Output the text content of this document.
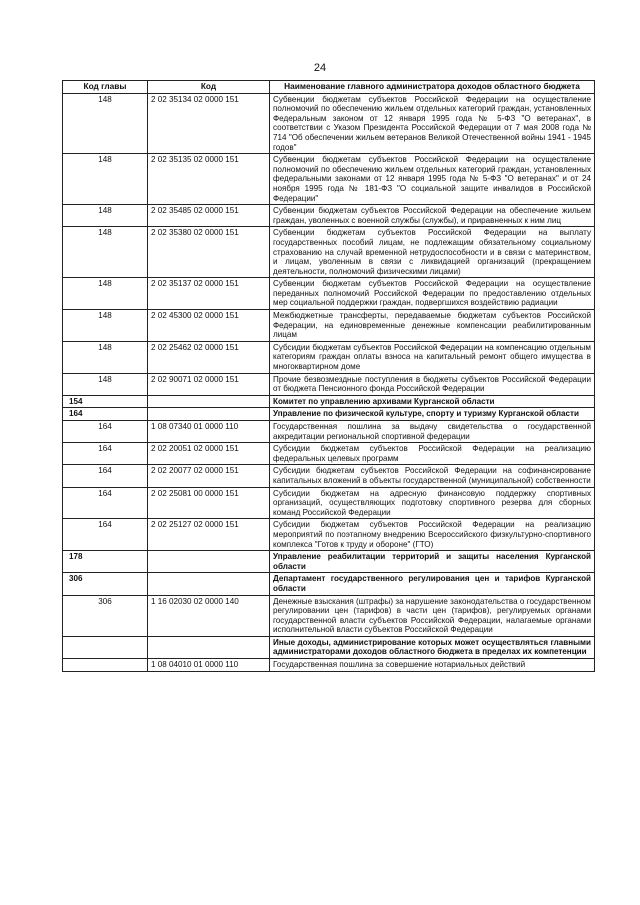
24
Код главы	Код	Наименование главного администратора доходов областного бюджета
148	2 02 35134 02 0000 151	Субвенции бюджетам субъектов Российской Федерации на осуществление полномочий по обеспечению жильем отдельных категорий граждан, установленных Федеральным законом от 12 января 1995 года № 5-ФЗ "О ветеранах", в соответствии с Указом Президента Российской Федерации от 7 мая 2008 года № 714 "Об обеспечении жильем ветеранов Великой Отечественной войны 1941 - 1945 годов"
148	2 02 35135 02 0000 151	Субвенции бюджетам субъектов Российской Федерации на осуществление полномочий по обеспечению жильем отдельных категорий граждан, установленных федеральными законами от 12 января 1995 года № 5-ФЗ "О ветеранах" и от 24 ноября 1995 года № 181-ФЗ "О социальной защите инвалидов в Российской Федерации"
148	2 02 35485 02 0000 151	Субвенции бюджетам субъектов Российской Федерации на обеспечение жильем граждан, уволенных с военной службы (службы), и приравненных к ним лиц
148	2 02 35380 02 0000 151	Субвенции бюджетам субъектов Российской Федерации на выплату государственных пособий лицам, не подлежащим обязательному социальному страхованию на случай временной нетрудоспособности и в связи с материнством, и лицам, уволенным в связи с ликвидацией организаций (прекращением деятельности, полномочий физическими лицами)
148	2 02 35137 02 0000 151	Субвенции бюджетам субъектов Российской Федерации на осуществление переданных полномочий Российской Федерации по предоставлению отдельных мер социальной поддержки граждан, подвергшихся воздействию радиации
148	2 02 45300 02 0000 151	Межбюджетные трансферты, передаваемые бюджетам субъектов Российской Федерации, на единовременные денежные компенсации реабилитированным лицам
148	2 02 25462 02 0000 151	Субсидии бюджетам субъектов Российской Федерации на компенсацию отдельным категориям граждан оплаты взноса на капитальный ремонт общего имущества в многоквартирном доме
148	2 02 90071 02 0000 151	Прочие безвозмездные поступления в бюджеты субъектов Российской Федерации от бюджета Пенсионного фонда Российской Федерации
154		Комитет по управлению архивами Курганской области
164		Управление по физической культуре, спорту и туризму Курганской области
164	1 08 07340 01 0000 110	Государственная пошлина за выдачу свидетельства о государственной аккредитации региональной спортивной федерации
164	2 02 20051 02 0000 151	Субсидии бюджетам субъектов Российской Федерации на реализацию федеральных целевых программ
164	2 02 20077 02 0000 151	Субсидии бюджетам субъектов Российской Федерации на софинансирование капитальных вложений в объекты государственной (муниципальной) собственности
164	2 02 25081 00 0000 151	Субсидии бюджетам на адресную финансовую поддержку спортивных организаций, осуществляющих подготовку спортивного резерва для сборных команд Российской Федерации
164	2 02 25127 02 0000 151	Субсидии бюджетам субъектов Российской Федерации на реализацию мероприятий по поэтапному внедрению Всероссийского физкультурно-спортивного комплекса "Готов к труду и обороне" (ГТО)
178		Управление реабилитации территорий и защиты населения Курганской области
306		Департамент государственного регулирования цен и тарифов Курганской области
306	1 16 02030 02 0000 140	Денежные взыскания (штрафы) за нарушение законодательства о государственном регулировании цен (тарифов) в части цен (тарифов), регулируемых органами государственной власти субъектов Российской Федерации, налагаемые органами исполнительной власти субъектов Российской Федерации
		Иные доходы, администрирование которых может осуществляться главными администраторами доходов областного бюджета в пределах их компетенции
	1 08 04010 01 0000 110	Государственная пошлина за совершение нотариальных действий
